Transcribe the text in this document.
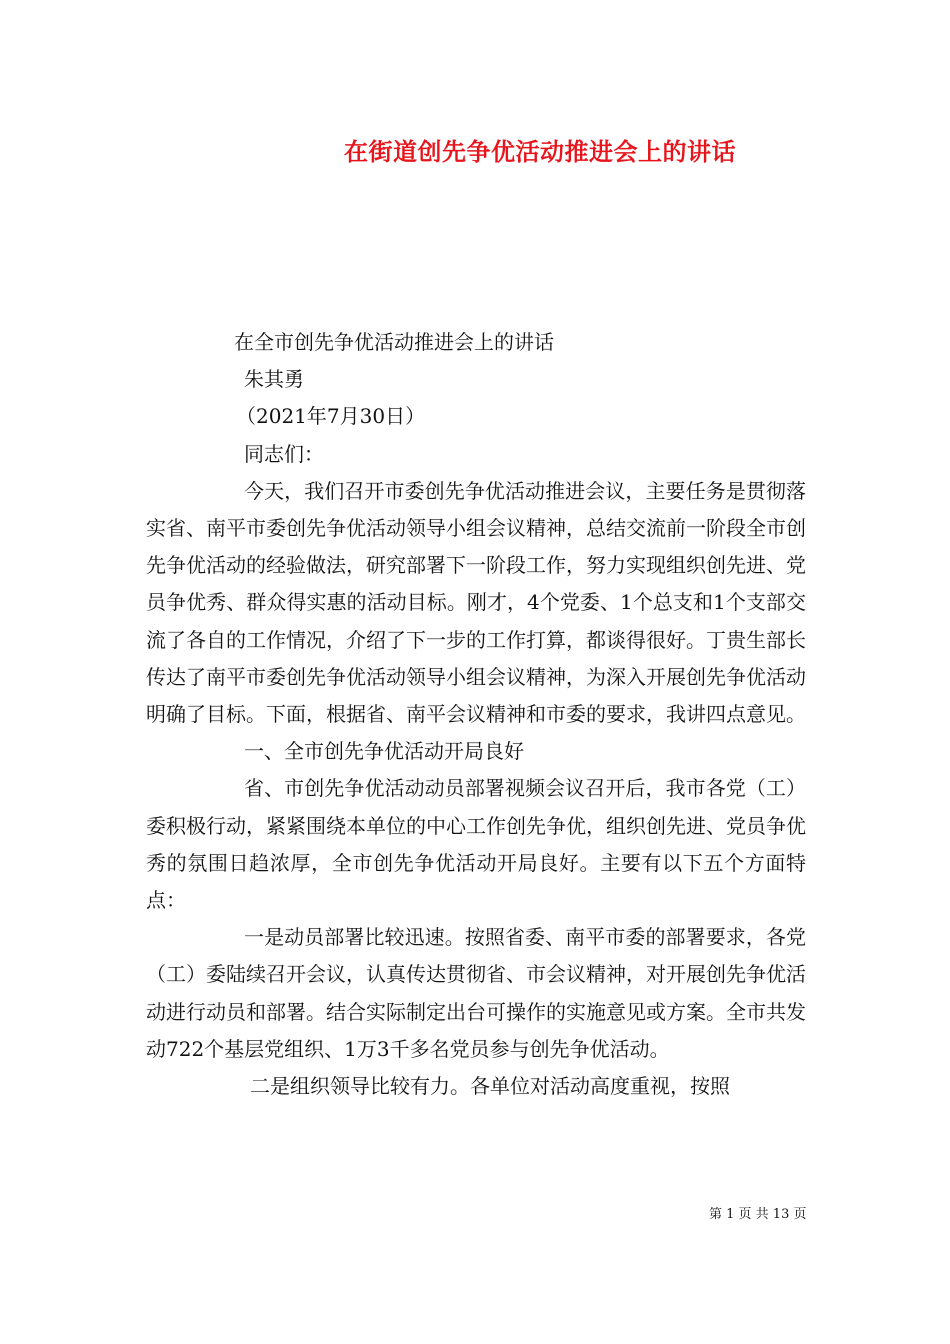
在街道创先争优活动推进会上的讲话
在全市创先争优活动推进会上的讲话
朱其勇
（2021年7月30日）
同志们：
今天，我们召开市委创先争优活动推进会议，主要任务是贯彻落实省、南平市委创先争优活动领导小组会议精神，总结交流前一阶段全市创先争优活动的经验做法，研究部署下一阶段工作，努力实现组织创先进、党员争优秀、群众得实惠的活动目标。刚才，4个党委、1个总支和1个支部交流了各自的工作情况，介绍了下一步的工作打算，都谈得很好。丁贵生部长传达了南平市委创先争优活动领导小组会议精神，为深入开展创先争优活动明确了目标。下面，根据省、南平会议精神和市委的要求，我讲四点意见。
一、全市创先争优活动开局良好
省、市创先争优活动动员部署视频会议召开后，我市各党（工）委积极行动，紧紧围绕本单位的中心工作创先争优，组织创先进、党员争优秀的氛围日趋浓厚，全市创先争优活动开局良好。主要有以下五个方面特点：
一是动员部署比较迅速。按照省委、南平市委的部署要求，各党（工）委陆续召开会议，认真传达贯彻省、市会议精神，对开展创先争优活动进行动员和部署。结合实际制定出台可操作的实施意见或方案。全市共发动722个基层党组织、1万3千多名党员参与创先争优活动。
二是组织领导比较有力。各单位对活动高度重视，按照
第 1 页 共 13 页
